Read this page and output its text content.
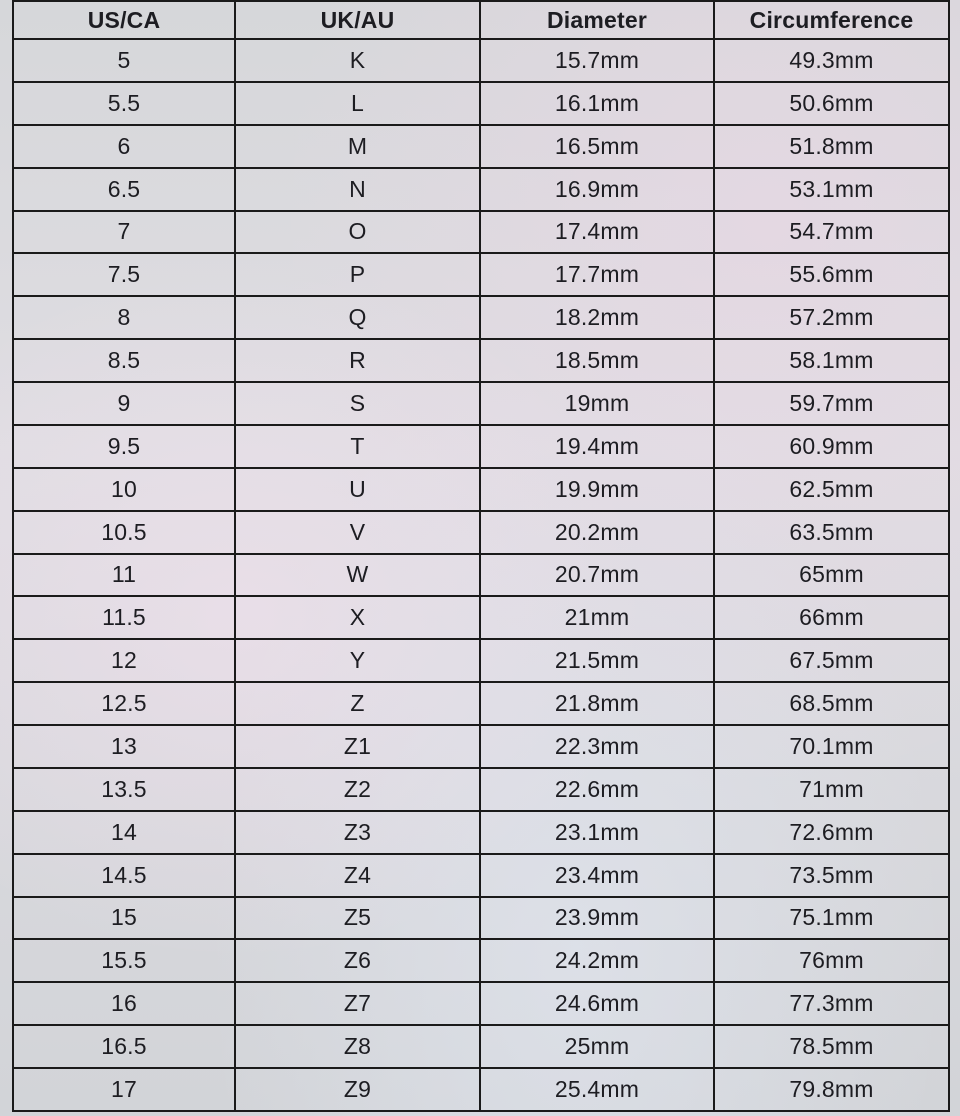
US/CA	UK/AU	Diameter	Circumference
5	K	15.7mm	49.3mm
5.5	L	16.1mm	50.6mm
6	M	16.5mm	51.8mm
6.5	N	16.9mm	53.1mm
7	O	17.4mm	54.7mm
7.5	P	17.7mm	55.6mm
8	Q	18.2mm	57.2mm
8.5	R	18.5mm	58.1mm
9	S	19mm	59.7mm
9.5	T	19.4mm	60.9mm
10	U	19.9mm	62.5mm
10.5	V	20.2mm	63.5mm
11	W	20.7mm	65mm
11.5	X	21mm	66mm
12	Y	21.5mm	67.5mm
12.5	Z	21.8mm	68.5mm
13	Z1	22.3mm	70.1mm
13.5	Z2	22.6mm	71mm
14	Z3	23.1mm	72.6mm
14.5	Z4	23.4mm	73.5mm
15	Z5	23.9mm	75.1mm
15.5	Z6	24.2mm	76mm
16	Z7	24.6mm	77.3mm
16.5	Z8	25mm	78.5mm
17	Z9	25.4mm	79.8mm
